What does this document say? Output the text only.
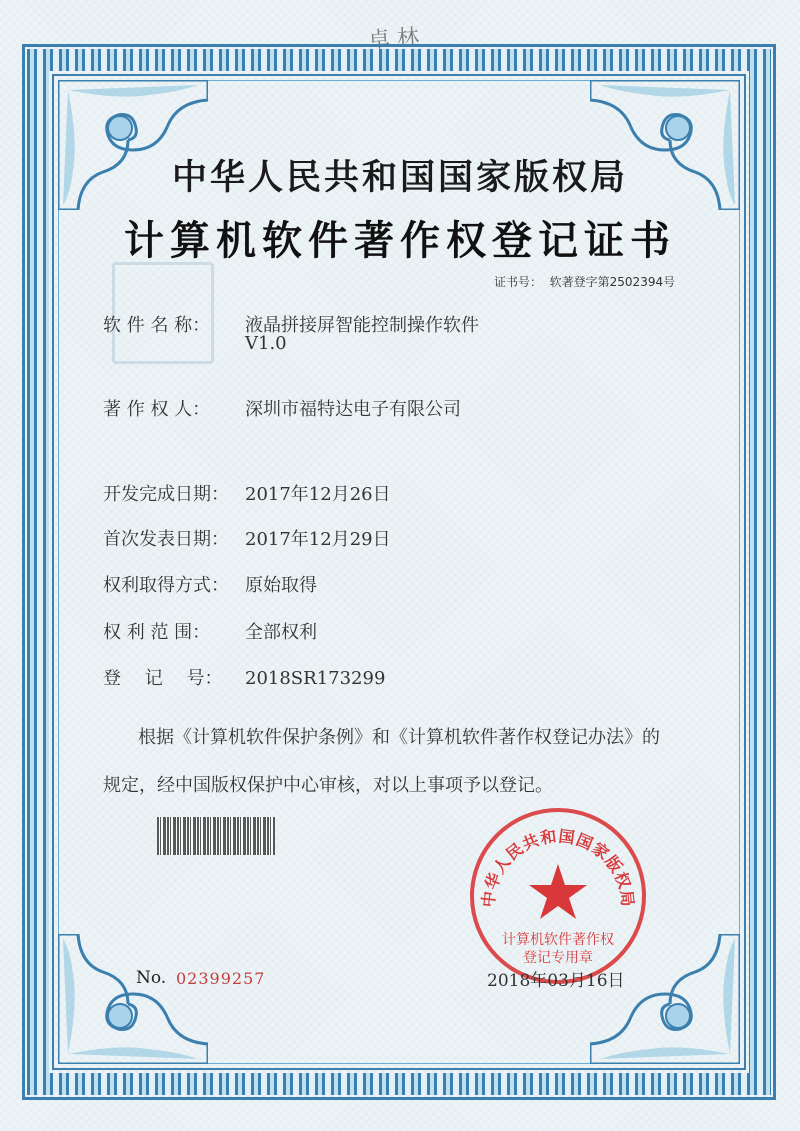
卓 林
中华人民共和国国家版权局
计算机软件著作权登记证书
证书号： 软著登字第2502394号
软 件 名 称： 液晶拼接屏智能控制操作软件
V1.0
著 作 权 人： 深圳市福特达电子有限公司
开发完成日期： 2017年12月26日
首次发表日期： 2017年12月29日
权利取得方式： 原始取得
权 利 范 围： 全部权利
登　 记　 号： 2018SR173299
根据《计算机软件保护条例》和《计算机软件著作权登记办法》的
规定，经中国版权保护中心审核，对以上事项予以登记。
中华人民共和国国家版权局
计算机软件著作权
登记专用章
No. 02399257	2018年03月16日
